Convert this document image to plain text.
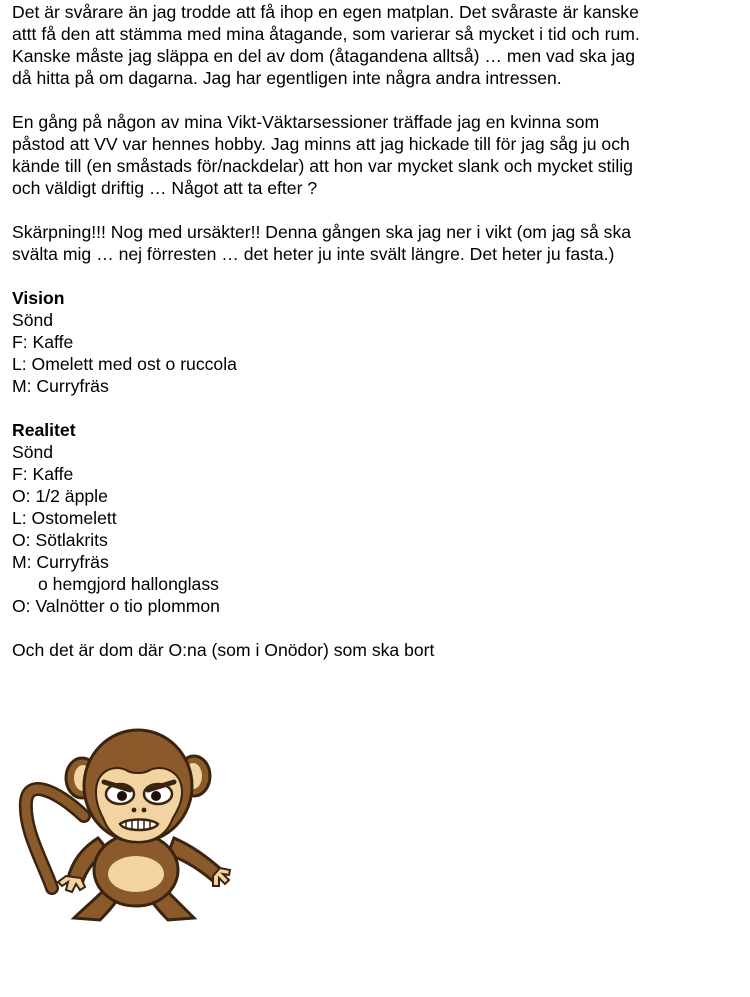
Det är svårare än jag trodde att få ihop en egen matplan. Det svåraste är kanske
attt få den att stämma med mina åtagande, som varierar så mycket i tid och rum.
Kanske måste jag släppa en del av dom (åtagandena alltså) … men vad ska jag
då hitta på om dagarna. Jag har egentligen inte några andra intressen.

En gång på någon av mina Vikt-Väktarsessioner träffade jag en kvinna som
påstod att VV var hennes hobby. Jag minns att jag hickade till för jag såg ju och
kände till (en småstads för/nackdelar) att hon var mycket slank och mycket stilig
och väldigt driftig … Något att ta efter ?

Skärpning!!! Nog med ursäkter!! Denna gången ska jag ner i vikt (om jag så ska
svälta mig … nej förresten … det heter ju inte svält längre. Det heter ju fasta.)

Vision

Sönd

F: Kaffe

L: Omelett med ost o ruccola

M: Curryfräs

Realitet

Sönd

F: Kaffe

O: 1/2 äpple

L: Ostomelett

O: Sötlakrits

M: Curryfräs

o hemgjord hallonglass

O: Valnötter o tio plommon

Och det är dom där O:na (som i Onödor) som ska bort
